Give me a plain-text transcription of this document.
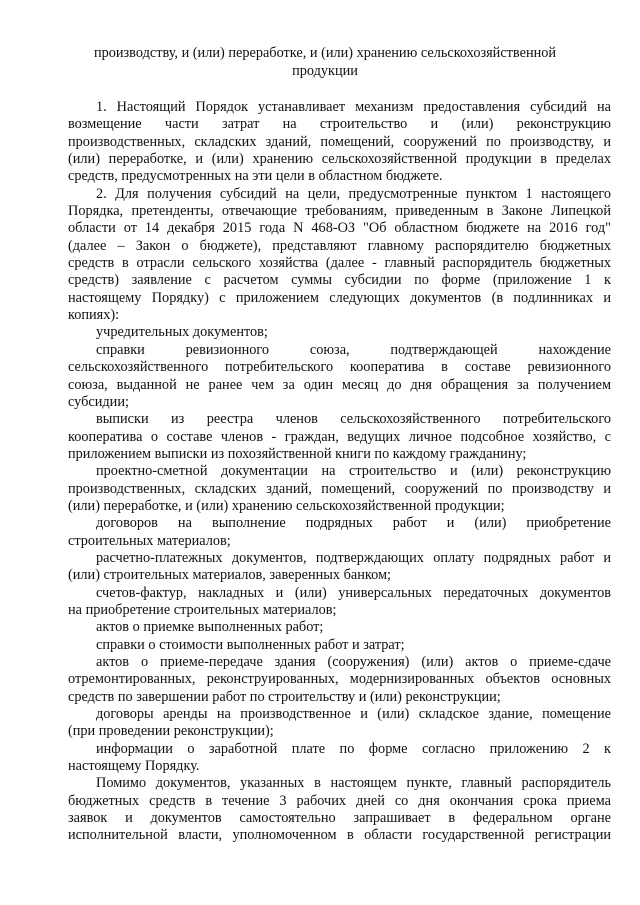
производству, и (или) переработке, и (или) хранению сельскохозяйственной
продукции
1. Настоящий Порядок устанавливает механизм предоставления субсидий на
возмещение части затрат на строительство и (или) реконструкцию
производственных, складских зданий, помещений, сооружений по производству, и
(или) переработке, и (или) хранению сельскохозяйственной продукции в пределах
средств, предусмотренных на эти цели в областном бюджете.
2. Для получения субсидий на цели, предусмотренные пунктом 1 настоящего
Порядка, претенденты, отвечающие требованиям, приведенным в Законе Липецкой
области от 14 декабря 2015 года N 468-ОЗ "Об областном бюджете на 2016 год"
(далее – Закон о бюджете), представляют главному распорядителю бюджетных
средств в отрасли сельского хозяйства (далее - главный распорядитель бюджетных
средств) заявление с расчетом суммы субсидии по форме (приложение 1 к
настоящему Порядку) с приложением следующих документов (в подлинниках и
копиях):
учредительных документов;
справки ревизионного союза, подтверждающей нахождение
сельскохозяйственного потребительского кооператива в составе ревизионного
союза, выданной не ранее чем за один месяц до дня обращения за получением
субсидии;
выписки из реестра членов сельскохозяйственного потребительского
кооператива о составе членов - граждан, ведущих личное подсобное хозяйство, с
приложением выписки из похозяйственной книги по каждому гражданину;
проектно-сметной документации на строительство и (или) реконструкцию
производственных, складских зданий, помещений, сооружений по производству и
(или) переработке, и (или) хранению сельскохозяйственной продукции;
договоров на выполнение подрядных работ и (или) приобретение
строительных материалов;
расчетно-платежных документов, подтверждающих оплату подрядных работ и
(или) строительных материалов, заверенных банком;
счетов-фактур, накладных и (или) универсальных передаточных документов
на приобретение строительных материалов;
актов о приемке выполненных работ;
справки о стоимости выполненных работ и затрат;
актов о приеме-передаче здания (сооружения) (или) актов о приеме-сдаче
отремонтированных, реконструированных, модернизированных объектов основных
средств по завершении работ по строительству и (или) реконструкции;
договоры аренды на производственное и (или) складское здание, помещение
(при проведении реконструкции);
информации о заработной плате по форме согласно приложению 2 к
настоящему Порядку.
Помимо документов, указанных в настоящем пункте, главный распорядитель
бюджетных средств в течение 3 рабочих дней со дня окончания срока приема
заявок и документов самостоятельно запрашивает в федеральном органе
исполнительной власти, уполномоченном в области государственной регистрации
